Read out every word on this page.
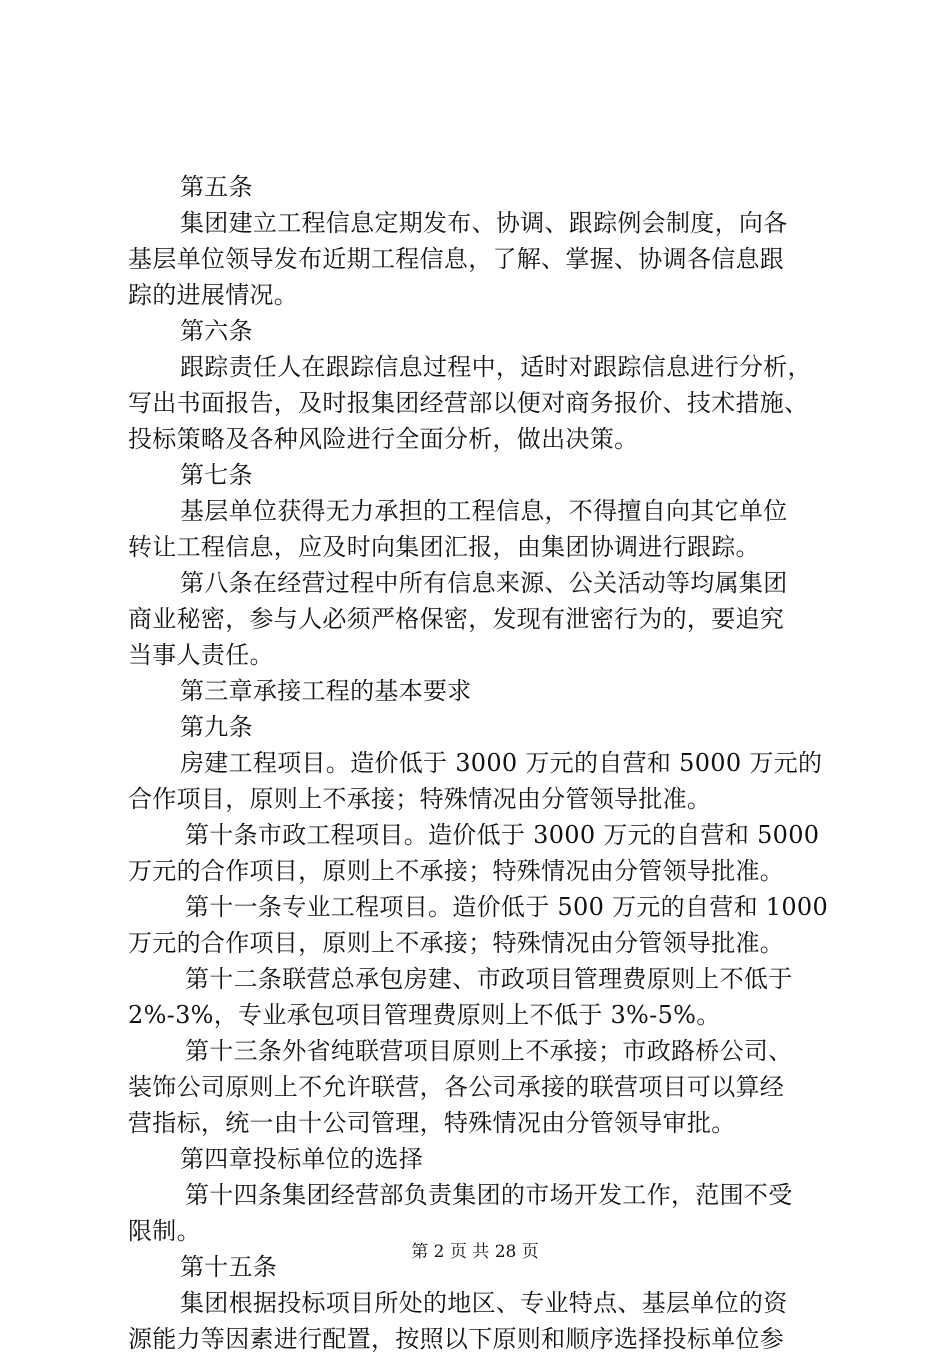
第五条
集团建立工程信息定期发布、协调、跟踪例会制度，向各
基层单位领导发布近期工程信息，了解、掌握、协调各信息跟
踪的进展情况。
第六条
跟踪责任人在跟踪信息过程中，适时对跟踪信息进行分析，
写出书面报告，及时报集团经营部以便对商务报价、技术措施、
投标策略及各种风险进行全面分析，做出决策。
第七条
基层单位获得无力承担的工程信息，不得擅自向其它单位
转让工程信息，应及时向集团汇报，由集团协调进行跟踪。
第八条在经营过程中所有信息来源、公关活动等均属集团
商业秘密，参与人必须严格保密，发现有泄密行为的，要追究
当事人责任。
第三章承接工程的基本要求
第九条
房建工程项目。造价低于 3000 万元的自营和 5000 万元的
合作项目，原则上不承接；特殊情况由分管领导批准。
第十条市政工程项目。造价低于 3000 万元的自营和 5000
万元的合作项目，原则上不承接；特殊情况由分管领导批准。
第十一条专业工程项目。造价低于 500 万元的自营和 1000
万元的合作项目，原则上不承接；特殊情况由分管领导批准。
第十二条联营总承包房建、市政项目管理费原则上不低于
2%-3%，专业承包项目管理费原则上不低于 3%-5%。
第十三条外省纯联营项目原则上不承接；市政路桥公司、
装饰公司原则上不允许联营，各公司承接的联营项目可以算经
营指标，统一由十公司管理，特殊情况由分管领导审批。
第四章投标单位的选择
第十四条集团经营部负责集团的市场开发工作，范围不受
限制。
第十五条
集团根据投标项目所处的地区、专业特点、基层单位的资
源能力等因素进行配置，按照以下原则和顺序选择投标单位参
第 2 页 共 28 页
